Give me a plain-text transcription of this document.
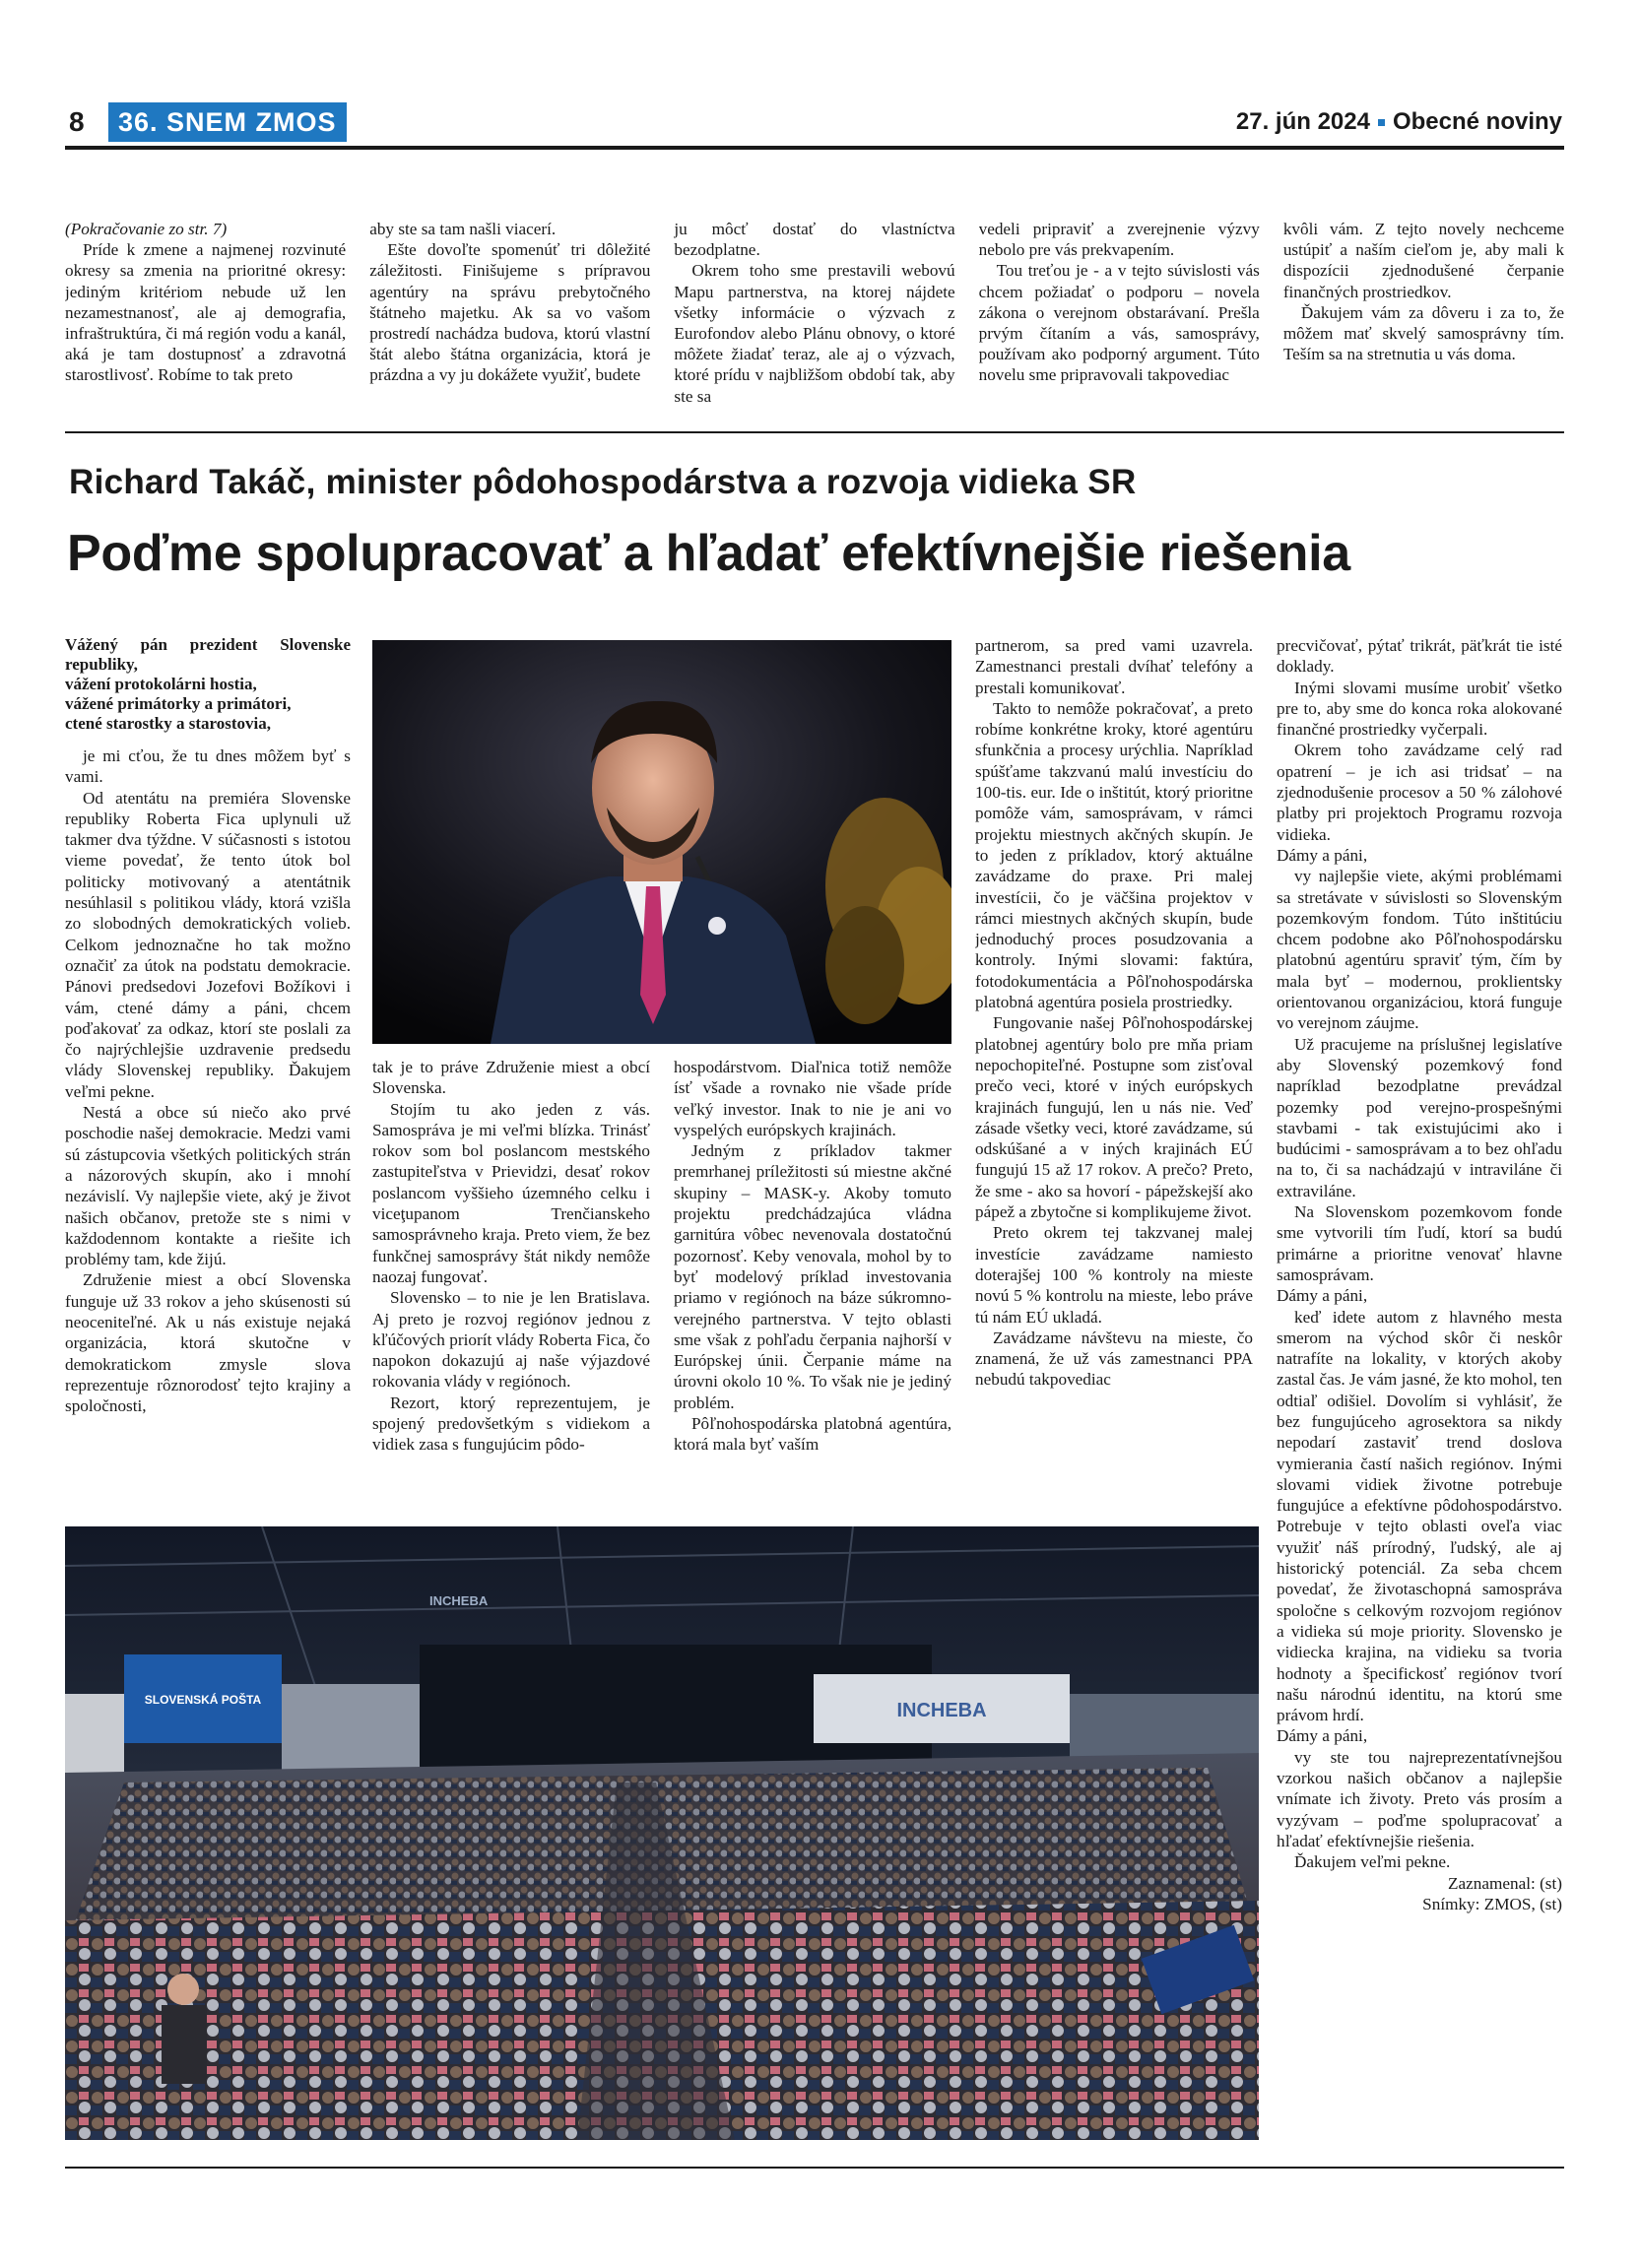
8	36. SNEM ZMOS	27. jún 2024 Obecné noviny

(Pokračovanie zo str. 7)

Príde k zmene a najmenej rozvinuté okresy sa zmenia na prioritné okresy: jediným kritériom nebude už len nezamestnanosť, ale aj demografia, infraštruktúra, či má región vodu a kanál, aká je tam dostupnosť a zdravotná starostlivosť. Robíme to tak preto

aby ste sa tam našli viacerí.

Ešte dovoľte spomenúť tri dôležité záležitosti. Finišujeme s prípravou agentúry na správu prebytočného štátneho majetku. Ak sa vo vašom prostredí nachádza budova, ktorú vlastní štát alebo štátna organizácia, ktorá je prázdna a vy ju dokážete využiť, budete

ju môcť dostať do vlastníctva bezodplatne.

Okrem toho sme prestavili webovú Mapu partnerstva, na ktorej nájdete všetky informácie o výzvach z Eurofondov alebo Plánu obnovy, o ktoré môžete žiadať teraz, ale aj o výzvach, ktoré prídu v najbližšom období tak, aby ste sa

vedeli pripraviť a zverejnenie výzvy nebolo pre vás prekvapením.

Tou treťou je - a v tejto súvislosti vás chcem požiadať o podporu – novela zákona o verejnom obstarávaní. Prešla prvým čítaním a vás, samosprávy, používam ako podporný argument. Túto novelu sme pripravovali takpovediac

kvôli vám. Z tejto novely nechceme ustúpiť a naším cieľom je, aby mali k dispozícii zjednodušené čerpanie finančných prostriedkov.

Ďakujem vám za dôveru i za to, že môžem mať skvelý samosprávny tím. Teším sa na stretnutia u vás doma.

Richard Takáč, minister pôdohospodárstva a rozvoja vidieka SR
Poďme spolupracovať a hľadať efektívnejšie riešenia

Vážený pán prezident Slovenske republiky,
vážení protokolárni hostia,
vážené primátorky a primátori,
ctené starostky a starostovia,

je mi cťou, že tu dnes môžem byť s vami.

Od atentátu na premiéra Slovenske republiky Roberta Fica uplynuli už takmer dva týždne. V súčasnosti s istotou vieme povedať, že tento útok bol politicky motivovaný a atentátnik nesúhlasil s politikou vlády, ktorá vzišla zo slobodných demokratických volieb. Celkom jednoznačne ho tak možno označiť za útok na podstatu demokracie. Pánovi predsedovi Jozefovi Božíkovi i vám, ctené dámy a páni, chcem poďakovať za odkaz, ktorí ste poslali za čo najrýchlejšie uzdravenie predsedu vlády Slovenskej republiky. Ďakujem veľmi pekne.

Nestá a obce sú niečo ako prvé poschodie našej demokracie. Medzi vami sú zástupcovia všetkých politických strán a názorových skupín, ako i mnohí nezávislí. Vy najlepšie viete, aký je život našich občanov, pretože ste s nimi v každodennom kontakte a riešite ich problémy tam, kde žijú.

Združenie miest a obcí Slovenska funguje už 33 rokov a jeho skúsenosti sú neoceniteľné. Ak u nás existuje nejaká organizácia, ktorá skutočne v demokratickom zmysle slova reprezentuje rôznorodosť tejto krajiny a spoločnosti,

tak je to práve Združenie miest a obcí Slovenska.

Stojím tu ako jeden z vás. Samospráva je mi veľmi blízka. Trinásť rokov som bol poslancom mestského zastupiteľstva v Prievidzi, desať rokov poslancom vyššieho územného celku i viceţupanom Trenčianskeho samosprávneho kraja. Preto viem, že bez funkčnej samosprávy štát nikdy nemôže naozaj fungovať.

Slovensko – to nie je len Bratislava. Aj preto je rozvoj regiónov jednou z kľúčových priorít vlády Roberta Fica, čo napokon dokazujú aj naše výjazdové rokovania vlády v regiónoch.

Rezort, ktorý reprezentujem, je spojený predovšetkým s vidiekom a vidiek zasa s fungujúcim pôdo-

hospodárstvom. Diaľnica totiž nemôže ísť všade a rovnako nie všade príde veľký investor. Inak to nie je ani vo vyspelých európskych krajinách.

Jedným z príkladov takmer premrhanej príležitosti sú miestne akčné skupiny – MASK-y. Akoby tomuto projektu predchádzajúca vládna garnitúra vôbec nevenovala dostatočnú pozornosť. Keby venovala, mohol by to byť modelový príklad investovania priamo v regiónoch na báze súkromno-verejného partnerstva. V tejto oblasti sme však z pohľadu čerpania najhorší v Európskej únii. Čerpanie máme na úrovni okolo 10 %. To však nie je jediný problém.

Pôľnohospodárska platobná agentúra, ktorá mala byť vaším

partnerom, sa pred vami uzavrela. Zamestnanci prestali dvíhať telefóny a prestali komunikovať.

Takto to nemôže pokračovať, a preto robíme konkrétne kroky, ktoré agentúru sfunkčnia a procesy urýchlia. Napríklad spúšťame takzvanú malú investíciu do 100-tis. eur. Ide o inštitút, ktorý prioritne pomôže vám, samosprávam, v rámci projektu miestnych akčných skupín. Je to jeden z príkladov, ktorý aktuálne zavádzame do praxe. Pri malej investícii, čo je väčšina projektov v rámci miestnych akčných skupín, bude jednoduchý proces posudzovania a kontroly. Inými slovami: faktúra, fotodokumentácia a Pôľnohospodárska platobná agentúra posiela prostriedky.

Fungovanie našej Pôľnohospodárskej platobnej agentúry bolo pre mňa priam nepochopiteľné. Postupne som zisťoval prečo veci, ktoré v iných európskych krajinách fungujú, len u nás nie. Veď zásade všetky veci, ktoré zavádzame, sú odskúšané a v iných krajinách EÚ fungujú 15 až 17 rokov. A prečo? Preto, že sme - ako sa hovorí - pápežskejší ako pápež a zbytočne si komplikujeme život.

Preto okrem tej takzvanej malej investície zavádzame namiesto doterajšej 100 % kontroly na mieste novú 5 % kontrolu na mieste, lebo práve tú nám EÚ ukladá.

Zavádzame návštevu na mieste, čo znamená, že už vás zamestnanci PPA nebudú takpovediac

precvičovať, pýtať trikrát, päťkrát tie isté doklady.

Inými slovami musíme urobiť všetko pre to, aby sme do konca roka alokované finančné prostriedky vyčerpali.

Okrem toho zavádzame celý rad opatrení – je ich asi tridsať – na zjednodušenie procesov a 50 % zálohové platby pri projektoch Programu rozvoja vidieka.

Dámy a páni,

vy najlepšie viete, akými problémami sa stretávate v súvislosti so Slovenským pozemkovým fondom. Túto inštitúciu chcem podobne ako Pôľnohospodársku platobnú agentúru spraviť tým, čím by mala byť – modernou, proklientsky orientovanou organizáciou, ktorá funguje vo verejnom záujme.

Už pracujeme na príslušnej legislatíve aby Slovenský pozemkový fond napríklad bezodplatne prevádzal pozemky pod verejno-prospešnými stavbami - tak existujúcimi ako i budúcimi - samosprávam a to bez ohľadu na to, či sa nachádzajú v intraviláne či extraviláne.

Na Slovenskom pozemkovom fonde sme vytvorili tím ľudí, ktorí sa budú primárne a prioritne venovať hlavne samosprávam.

Dámy a páni,

keď idete autom z hlavného mesta smerom na východ skôr či neskôr natrafíte na lokality, v ktorých akoby zastal čas. Je vám jasné, že kto mohol, ten odtiaľ odišiel. Dovolím si vyhlásiť, že bez fungujúceho agrosektora sa nikdy nepodarí zastaviť trend doslova vymierania častí našich regiónov. Inými slovami vidiek životne potrebuje fungujúce a efektívne pôdohospodárstvo. Potrebuje v tejto oblasti oveľa viac využiť náš prírodný, ľudský, ale aj historický potenciál. Za seba chcem povedať, že životaschopná samospráva spoločne s celkovým rozvojom regiónov a vidieka sú moje priority. Slovensko je vidiecka krajina, na vidieku sa tvoria hodnoty a špecifickosť regiónov tvorí našu národnú identitu, na ktorú sme právom hrdí.

Dámy a páni,

vy ste tou najreprezentatívnejšou vzorkou našich občanov a najlepšie vnímate ich životy. Preto vás prosím a vyzývam – poďme spolupracovať a hľadať efektívnejšie riešenia.

Ďakujem veľmi pekne.

Zaznamenal: (st)

Snímky: ZMOS, (st)

INCHEBA
INCHEBA
SLOVENSKÁ POŠTA
